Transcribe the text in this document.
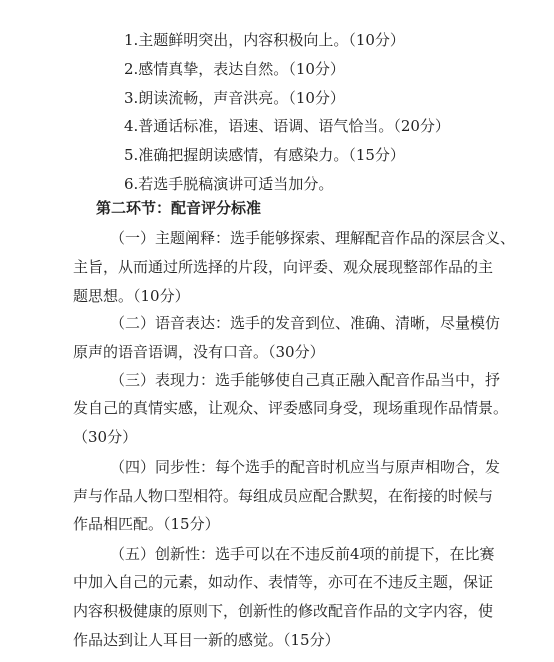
1.主题鲜明突出，内容积极向上。（10分）
2.感情真挚，表达自然。（10分）
3.朗读流畅，声音洪亮。（10分）
4.普通话标准，语速、语调、语气恰当。（20分）
5.准确把握朗读感情，有感染力。（15分）
6.若选手脱稿演讲可适当加分。
第二环节：配音评分标准
（一）主题阐释：选手能够探索、理解配音作品的深层含义、
主旨，从而通过所选择的片段，向评委、观众展现整部作品的主
题思想。（10分）
（二）语音表达：选手的发音到位、准确、清晰，尽量模仿
原声的语音语调，没有口音。（30分）
（三）表现力：选手能够使自己真正融入配音作品当中，抒
发自己的真情实感，让观众、评委感同身受，现场重现作品情景。
（30分）
（四）同步性：每个选手的配音时机应当与原声相吻合，发
声与作品人物口型相符。每组成员应配合默契，在衔接的时候与
作品相匹配。（15分）
（五）创新性：选手可以在不违反前4项的前提下，在比赛
中加入自己的元素，如动作、表情等，亦可在不违反主题，保证
内容积极健康的原则下，创新性的修改配音作品的文字内容，使
作品达到让人耳目一新的感觉。（15分）
